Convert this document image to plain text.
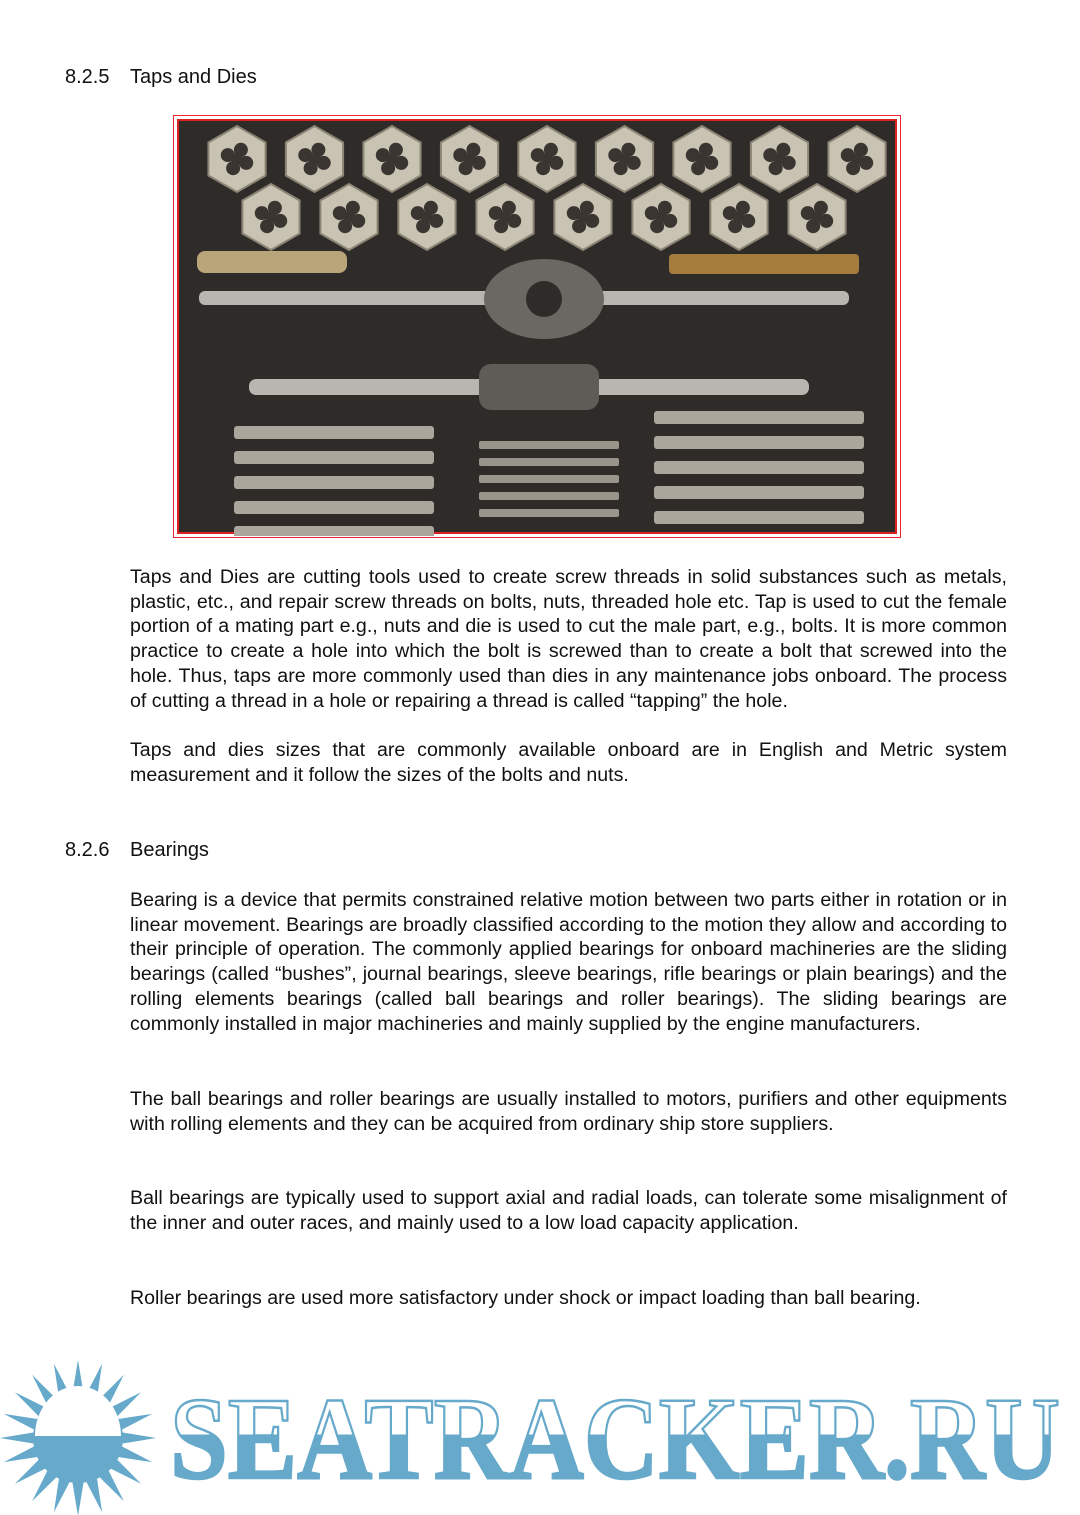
8.2.5 Taps and Dies

Taps and Dies are cutting tools used to create screw threads in solid substances such as metals, plastic, etc., and repair screw threads on bolts, nuts, threaded hole etc. Tap is used to cut the female portion of a mating part e.g., nuts and die is used to cut the male part, e.g., bolts. It is more common practice to create a hole into which the bolt is screwed than to create a bolt that screwed into the hole. Thus, taps are more commonly used than dies in any maintenance jobs onboard. The process of cutting a thread in a hole or repairing a thread is called “tapping” the hole.

Taps and dies sizes that are commonly available onboard are in English and Metric system measurement and it follow the sizes of the bolts and nuts.

8.2.6 Bearings

Bearing is a device that permits constrained relative motion between two parts either in rotation or in linear movement. Bearings are broadly classified according to the motion they allow and according to their principle of operation. The commonly applied bearings for onboard machineries are the sliding bearings (called “bushes”, journal bearings, sleeve bearings, rifle bearings or plain bearings) and the rolling elements bearings (called ball bearings and roller bearings). The sliding bearings are commonly installed in major machineries and mainly supplied by the engine manufacturers.

The ball bearings and roller bearings are usually installed to motors, purifiers and other equipments with rolling elements and they can be acquired from ordinary ship store suppliers.

Ball bearings are typically used to support axial and radial loads, can tolerate some misalignment of the inner and outer races, and mainly used to a low load capacity application.

Roller bearings are used more satisfactory under shock or impact loading than ball bearing.

SEATRACKER.RU
